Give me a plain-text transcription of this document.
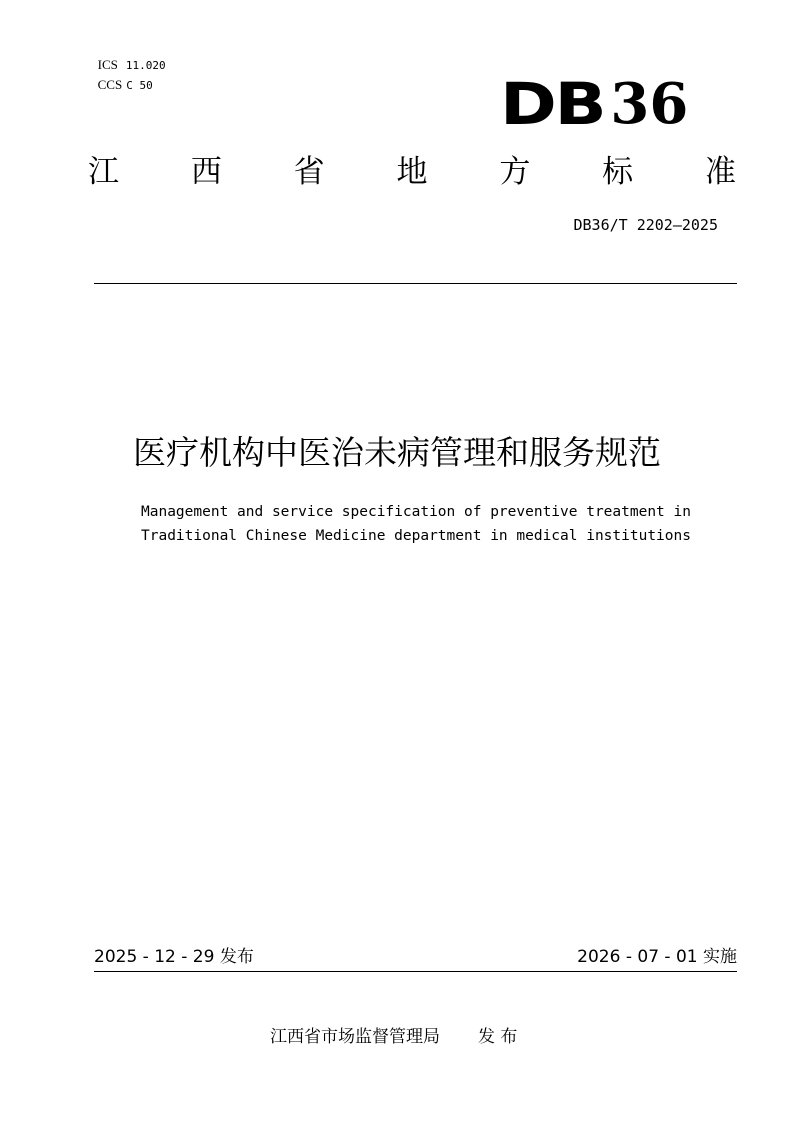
ICS 11.020

CCS C 50	DB 36
江 西 省 地 方 标 准
DB36/T 2202—2025
医疗机构中医治未病管理和服务规范
Management and service specification of preventive treatment in
Traditional Chinese Medicine department in medical institutions
2025 - 12 - 29 发布	2026 - 07 - 01 实施
江西省市场监督管理局 发 布
